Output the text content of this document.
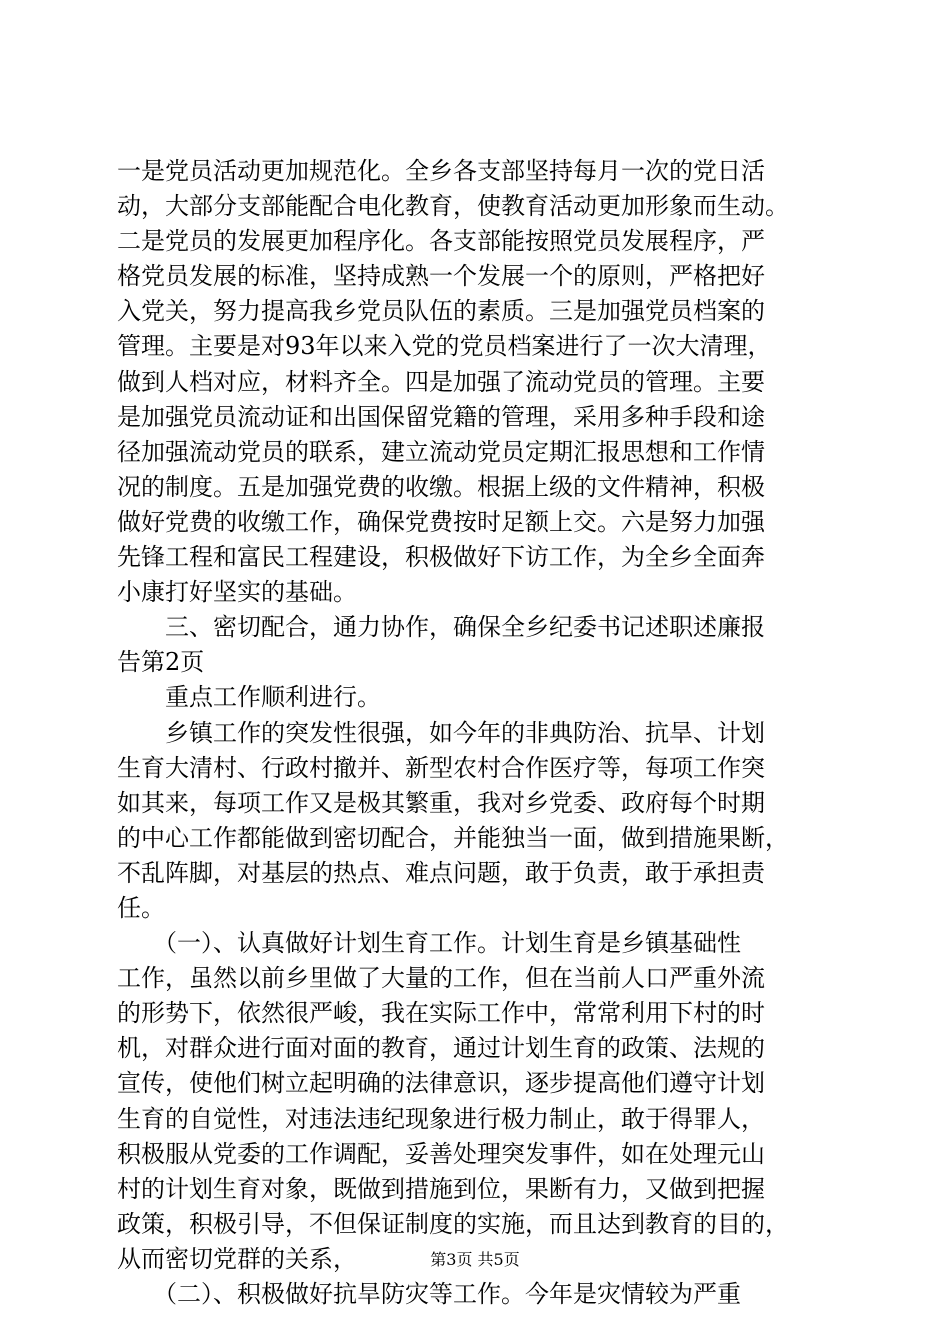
一是党员活动更加规范化。全乡各支部坚持每月一次的党日活
动，大部分支部能配合电化教育，使教育活动更加形象而生动。
二是党员的发展更加程序化。各支部能按照党员发展程序，严
格党员发展的标准，坚持成熟一个发展一个的原则，严格把好
入党关，努力提高我乡党员队伍的素质。三是加强党员档案的
管理。主要是对93年以来入党的党员档案进行了一次大清理，
做到人档对应，材料齐全。四是加强了流动党员的管理。主要
是加强党员流动证和出国保留党籍的管理，采用多种手段和途
径加强流动党员的联系，建立流动党员定期汇报思想和工作情
况的制度。五是加强党费的收缴。根据上级的文件精神，积极
做好党费的收缴工作，确保党费按时足额上交。六是努力加强
先锋工程和富民工程建设，积极做好下访工作，为全乡全面奔
小康打好坚实的基础。
　　三、密切配合，通力协作，确保全乡纪委书记述职述廉报
告第2页
　　重点工作顺利进行。
　　乡镇工作的突发性很强，如今年的非典防治、抗旱、计划
生育大清村、行政村撤并、新型农村合作医疗等，每项工作突
如其来，每项工作又是极其繁重，我对乡党委、政府每个时期
的中心工作都能做到密切配合，并能独当一面，做到措施果断，
不乱阵脚，对基层的热点、难点问题，敢于负责，敢于承担责
任。
　　（一）、认真做好计划生育工作。计划生育是乡镇基础性
工作，虽然以前乡里做了大量的工作，但在当前人口严重外流
的形势下，依然很严峻，我在实际工作中，常常利用下村的时
机，对群众进行面对面的教育，通过计划生育的政策、法规的
宣传，使他们树立起明确的法律意识，逐步提高他们遵守计划
生育的自觉性，对违法违纪现象进行极力制止，敢于得罪人，
积极服从党委的工作调配，妥善处理突发事件，如在处理元山
村的计划生育对象，既做到措施到位，果断有力，又做到把握
政策，积极引导，不但保证制度的实施，而且达到教育的目的，
从而密切党群的关系，
　　（二）、积极做好抗旱防灾等工作。今年是灾情较为严重
第3页 共5页
